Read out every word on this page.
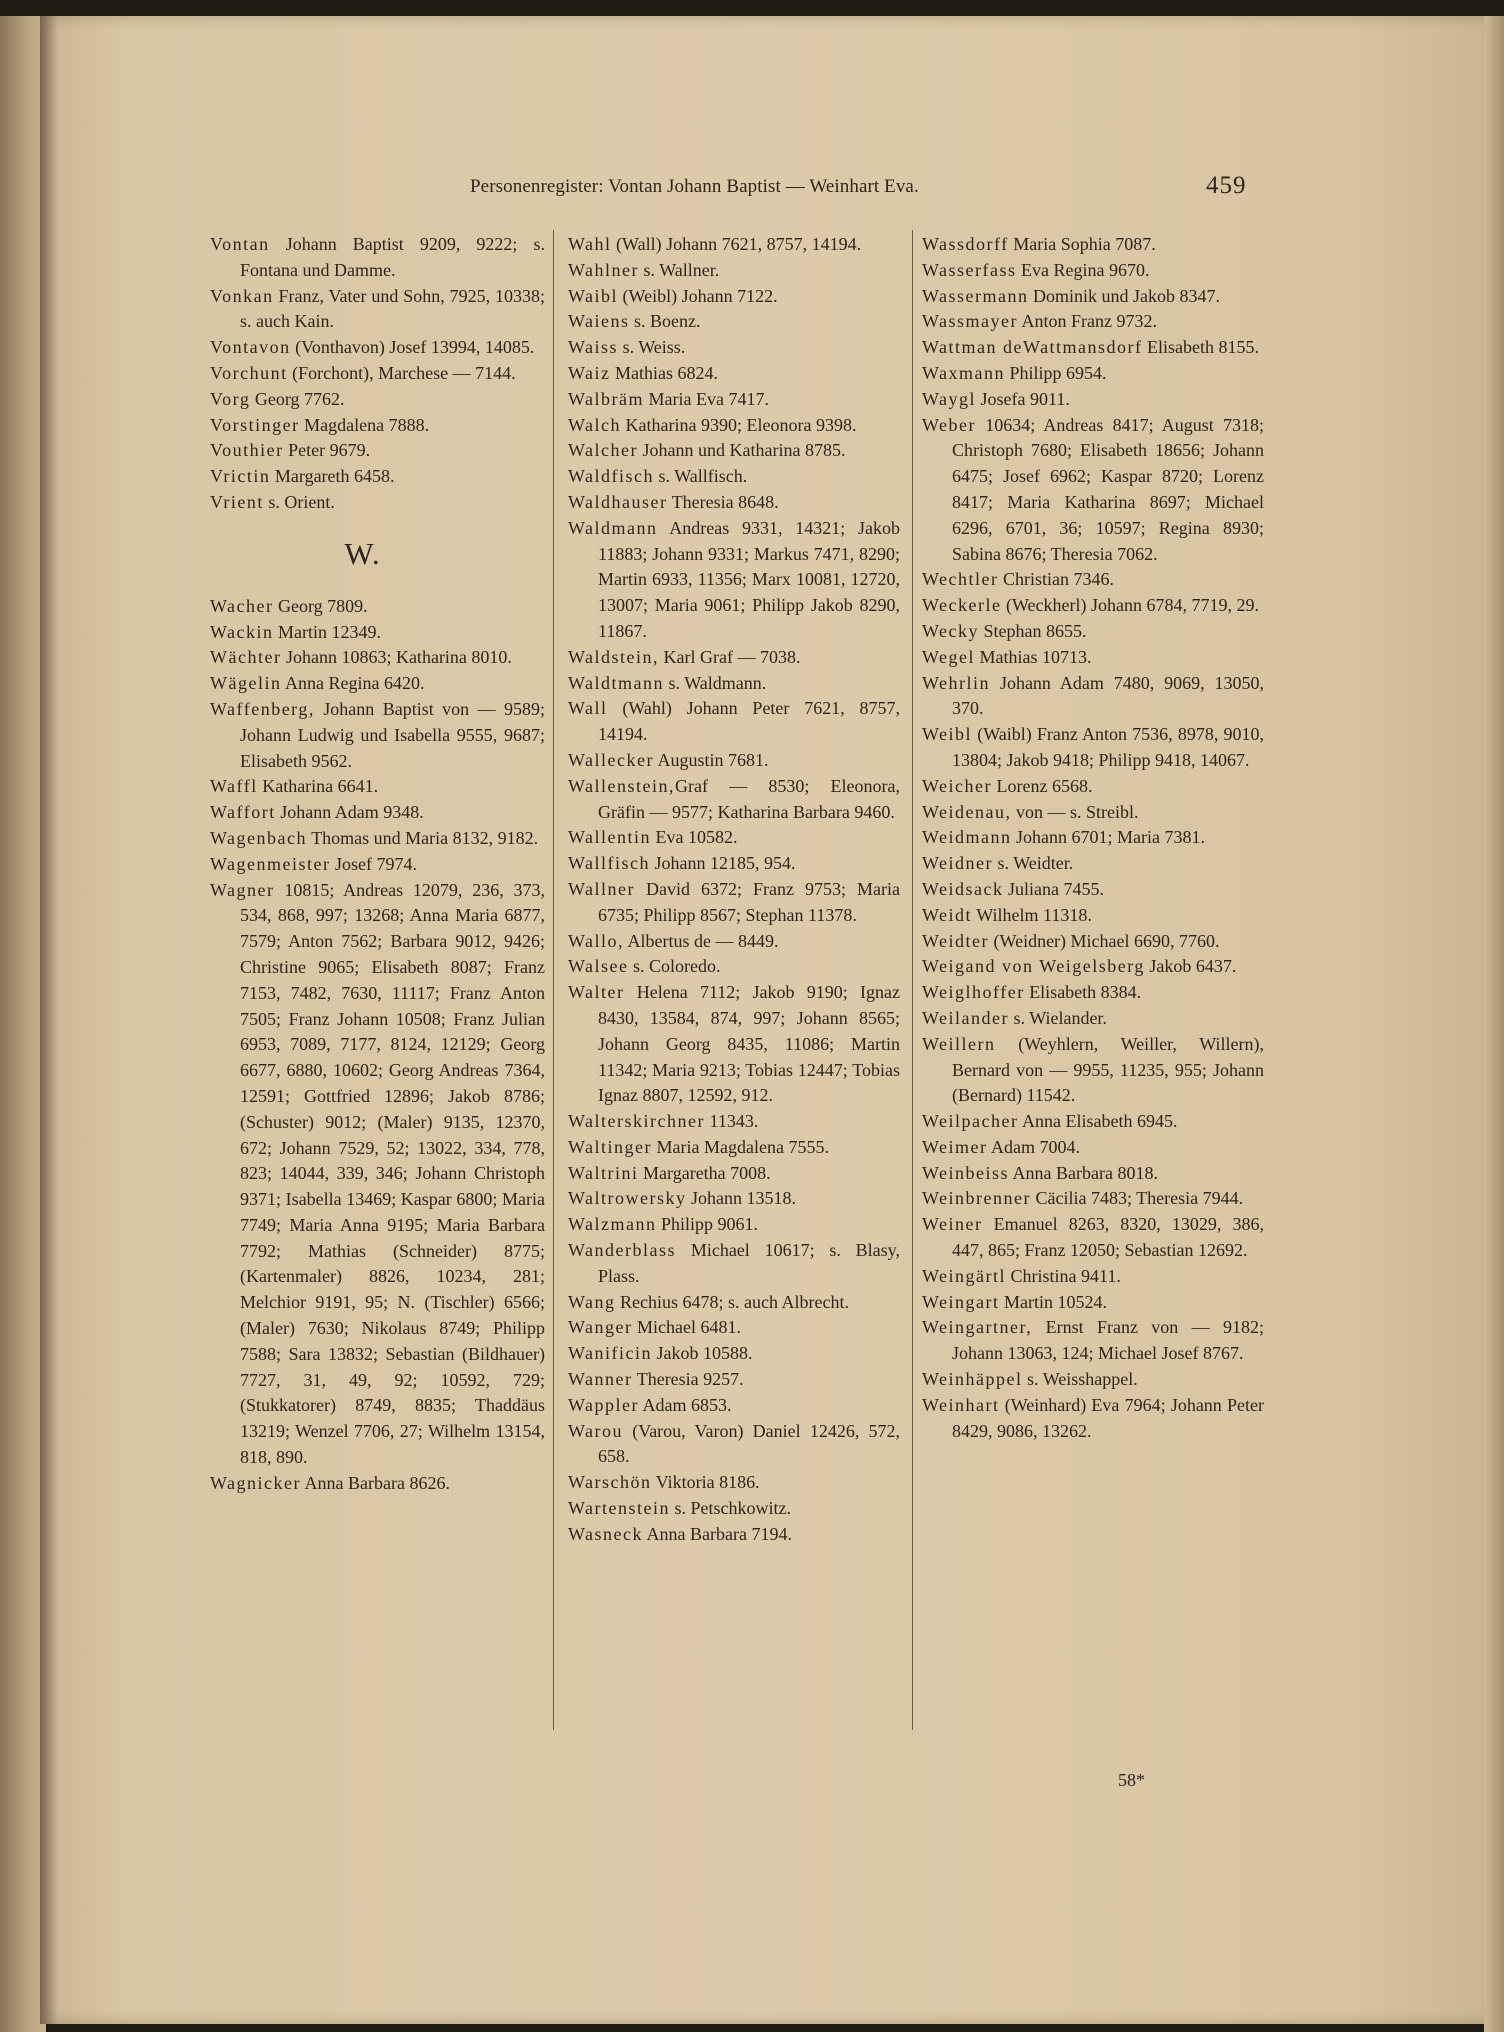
Personenregister: Vontan Johann Baptist — Weinhart Eva.	459
Vontan Johann Baptist 9209, 9222; s. Fontana und Damme.
Vonkan Franz, Vater und Sohn, 7925, 10338; s. auch Kain.
Vontavon (Vonthavon) Josef 13994, 14085.
Vorchunt (Forchont), Marchese — 7144.
Vorg Georg 7762.
Vorstinger Magdalena 7888.
Vouthier Peter 9679.
Vrictin Margareth 6458.
Vrient s. Orient.
W.
Wacher Georg 7809.
Wackin Martin 12349.
Wächter Johann 10863; Katharina 8010.
Wägelin Anna Regina 6420.
Waffenberg, Johann Baptist von — 9589; Johann Ludwig und Isabella 9555, 9687; Elisabeth 9562.
Waffl Katharina 6641.
Waffort Johann Adam 9348.
Wagenbach Thomas und Maria 8132, 9182.
Wagenmeister Josef 7974.
Wagner 10815; Andreas 12079, 236, 373, 534, 868, 997; 13268; Anna Maria 6877, 7579; Anton 7562; Barbara 9012, 9426; Christine 9065; Elisabeth 8087; Franz 7153, 7482, 7630, 11117; Franz Anton 7505; Franz Johann 10508; Franz Julian 6953, 7089, 7177, 8124, 12129; Georg 6677, 6880, 10602; Georg Andreas 7364, 12591; Gottfried 12896; Jakob 8786; (Schuster) 9012; (Maler) 9135, 12370, 672; Johann 7529, 52; 13022, 334, 778, 823; 14044, 339, 346; Johann Christoph 9371; Isabella 13469; Kaspar 6800; Maria 7749; Maria Anna 9195; Maria Barbara 7792; Mathias (Schneider) 8775; (Kartenmaler) 8826, 10234, 281; Melchior 9191, 95; N. (Tischler) 6566; (Maler) 7630; Nikolaus 8749; Philipp 7588; Sara 13832; Sebastian (Bildhauer) 7727, 31, 49, 92; 10592, 729; (Stukkatorer) 8749, 8835; Thaddäus 13219; Wenzel 7706, 27; Wilhelm 13154, 818, 890.
Wagnicker Anna Barbara 8626.
Wahl (Wall) Johann 7621, 8757, 14194.
Wahlner s. Wallner.
Waibl (Weibl) Johann 7122.
Waiens s. Boenz.
Waiss s. Weiss.
Waiz Mathias 6824.
Walbräm Maria Eva 7417.
Walch Katharina 9390; Eleonora 9398.
Walcher Johann und Katharina 8785.
Waldfisch s. Wallfisch.
Waldhauser Theresia 8648.
Waldmann Andreas 9331, 14321; Jakob 11883; Johann 9331; Markus 7471, 8290; Martin 6933, 11356; Marx 10081, 12720, 13007; Maria 9061; Philipp Jakob 8290, 11867.
Waldstein, Karl Graf — 7038.
Waldtmann s. Waldmann.
Wall (Wahl) Johann Peter 7621, 8757, 14194.
Wallecker Augustin 7681.
Wallenstein,Graf — 8530; Eleonora, Gräfin — 9577; Katharina Barbara 9460.
Wallentin Eva 10582.
Wallfisch Johann 12185, 954.
Wallner David 6372; Franz 9753; Maria 6735; Philipp 8567; Stephan 11378.
Wallo, Albertus de — 8449.
Walsee s. Coloredo.
Walter Helena 7112; Jakob 9190; Ignaz 8430, 13584, 874, 997; Johann 8565; Johann Georg 8435, 11086; Martin 11342; Maria 9213; Tobias 12447; Tobias Ignaz 8807, 12592, 912.
Walterskirchner 11343.
Waltinger Maria Magdalena 7555.
Waltrini Margaretha 7008.
Waltrowersky Johann 13518.
Walzmann Philipp 9061.
Wanderblass Michael 10617; s. Blasy, Plass.
Wang Rechius 6478; s. auch Albrecht.
Wanger Michael 6481.
Wanificin Jakob 10588.
Wanner Theresia 9257.
Wappler Adam 6853.
Warou (Varou, Varon) Daniel 12426, 572, 658.
Warschön Viktoria 8186.
Wartenstein s. Petschkowitz.
Wasneck Anna Barbara 7194.
Wassdorff Maria Sophia 7087.
Wasserfass Eva Regina 9670.
Wassermann Dominik und Jakob 8347.
Wassmayer Anton Franz 9732.
Wattman deWattmansdorf Elisabeth 8155.
Waxmann Philipp 6954.
Waygl Josefa 9011.
Weber 10634; Andreas 8417; August 7318; Christoph 7680; Elisabeth 18656; Johann 6475; Josef 6962; Kaspar 8720; Lorenz 8417; Maria Katharina 8697; Michael 6296, 6701, 36; 10597; Regina 8930; Sabina 8676; Theresia 7062.
Wechtler Christian 7346.
Weckerle (Weckherl) Johann 6784, 7719, 29.
Wecky Stephan 8655.
Wegel Mathias 10713.
Wehrlin Johann Adam 7480, 9069, 13050, 370.
Weibl (Waibl) Franz Anton 7536, 8978, 9010, 13804; Jakob 9418; Philipp 9418, 14067.
Weicher Lorenz 6568.
Weidenau, von — s. Streibl.
Weidmann Johann 6701; Maria 7381.
Weidner s. Weidter.
Weidsack Juliana 7455.
Weidt Wilhelm 11318.
Weidter (Weidner) Michael 6690, 7760.
Weigand von Weigelsberg Jakob 6437.
Weiglhoffer Elisabeth 8384.
Weilander s. Wielander.
Weillern (Weyhlern, Weiller, Willern), Bernard von — 9955, 11235, 955; Johann (Bernard) 11542.
Weilpacher Anna Elisabeth 6945.
Weimer Adam 7004.
Weinbeiss Anna Barbara 8018.
Weinbrenner Cäcilia 7483; Theresia 7944.
Weiner Emanuel 8263, 8320, 13029, 386, 447, 865; Franz 12050; Sebastian 12692.
Weingärtl Christina 9411.
Weingart Martin 10524.
Weingartner, Ernst Franz von — 9182; Johann 13063, 124; Michael Josef 8767.
Weinhäppel s. Weisshappel.
Weinhart (Weinhard) Eva 7964; Johann Peter 8429, 9086, 13262.
58*
